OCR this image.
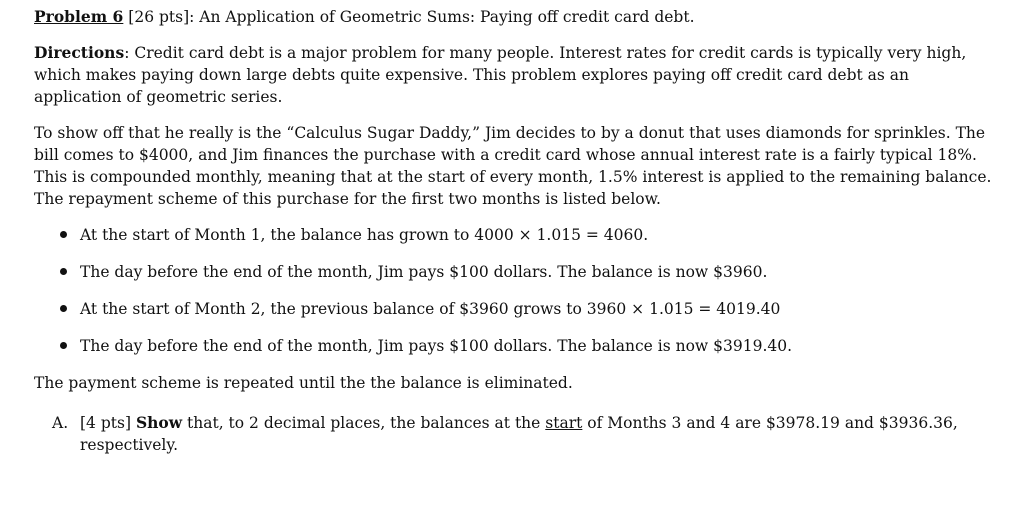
Problem 6 [26 pts]: An Application of Geometric Sums: Paying off credit card debt.

Directions: Credit card debt is a major problem for many people. Interest rates for credit cards is typically very high, which makes paying down large debts quite expensive. This problem explores paying off credit card debt as an application of geometric series.

To show off that he really is the “Calculus Sugar Daddy,” Jim decides to by a donut that uses diamonds for sprinkles. The bill comes to $4000, and Jim finances the purchase with a credit card whose annual interest rate is a fairly typical 18%. This is compounded monthly, meaning that at the start of every month, 1.5% interest is applied to the remaining balance. The repayment scheme of this purchase for the first two months is listed below.

At the start of Month 1, the balance has grown to 4000 × 1.015 = 4060.
The day before the end of the month, Jim pays $100 dollars. The balance is now $3960.
At the start of Month 2, the previous balance of $3960 grows to 3960 × 1.015 = 4019.40
The day before the end of the month, Jim pays $100 dollars. The balance is now $3919.40.

The payment scheme is repeated until the the balance is eliminated.

A. [4 pts] Show that, to 2 decimal places, the balances at the start of Months 3 and 4 are $3978.19 and $3936.36, respectively.
